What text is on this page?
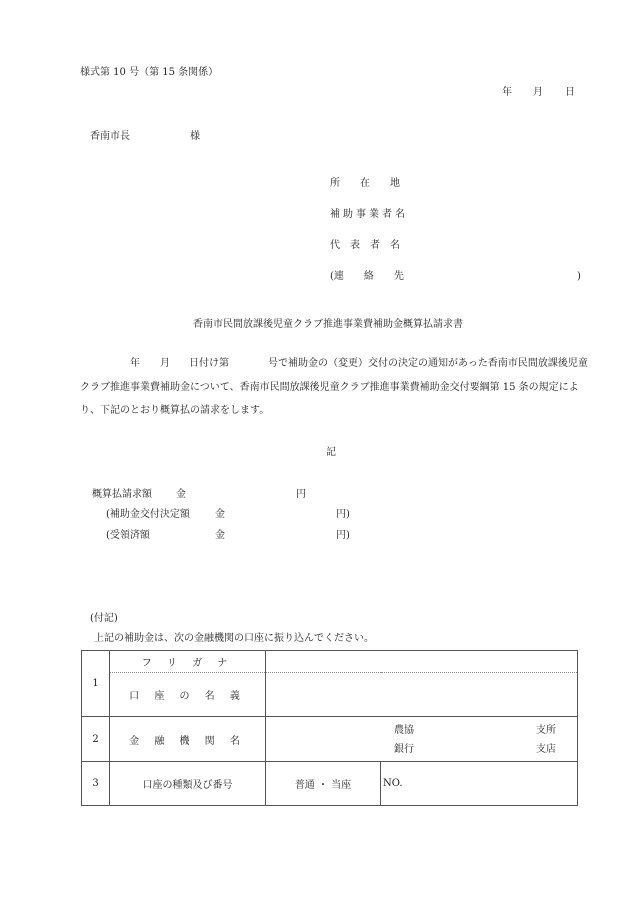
様式第 10 号（第 15 条関係）
年 月 日
香南市長	様
所　　在　　地
補助事業者名
代　表　者　名
(連　　絡　　先	)
香南市民間放課後児童クラブ推進事業費補助金概算払請求書
年 月 日付け第	号で補助金の（変更）交付の決定の通知があった香南市民間放課後児童
クラブ推進事業費補助金について、香南市民間放課後児童クラブ推進事業費補助金交付要綱第 15 条の規定によ
り、下記のとおり概算払の請求をします。
記
概算払請求額 金	円
(補助金交付決定額	金	円)
(受領済額	金	円)
(付記)
上記の補助金は、次の金融機関の口座に振り込んでください。
1	フ リ ガ ナ		
	口 座 の 名 義		
2	金 融 機 関 名	農協 支所
銀行 支店	

3	口座の種類及び番号	普通 ・ 当座	NO.
